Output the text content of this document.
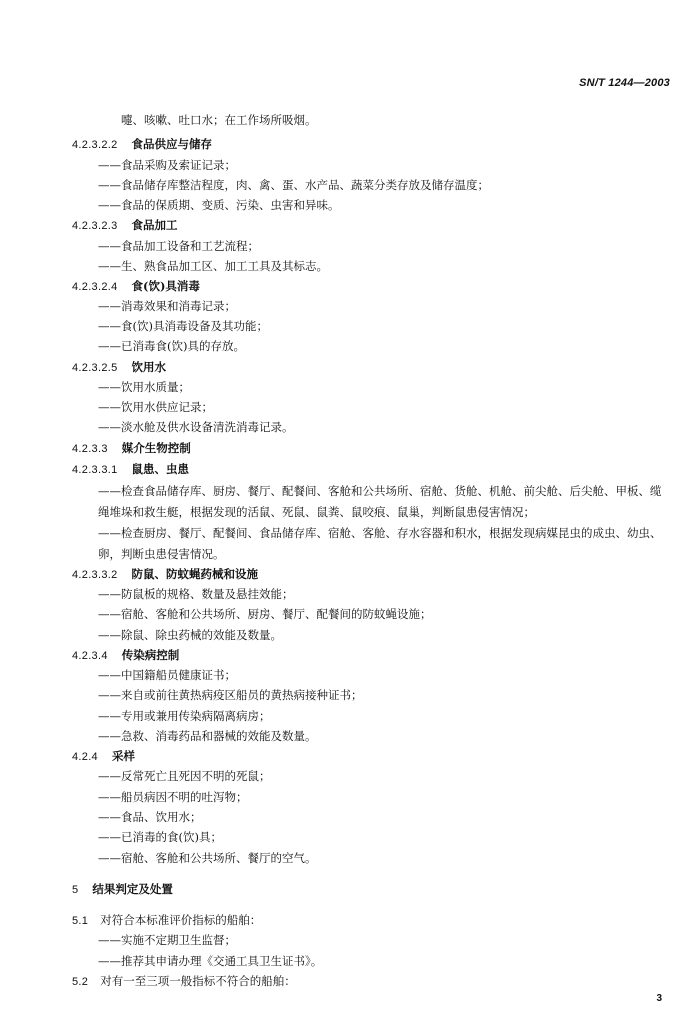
SN/T 1244—2003
嚏、咳嗽、吐口水；在工作场所吸烟。
4.2.3.2.2 食品供应与储存
——食品采购及索证记录；
——食品储存库整洁程度，肉、禽、蛋、水产品、蔬菜分类存放及储存温度；
——食品的保质期、变质、污染、虫害和异味。
4.2.3.2.3 食品加工
——食品加工设备和工艺流程；
——生、熟食品加工区、加工工具及其标志。
4.2.3.2.4 食(饮)具消毒
——消毒效果和消毒记录；
——食(饮)具消毒设备及其功能；
——已消毒食(饮)具的存放。
4.2.3.2.5 饮用水
——饮用水质量；
——饮用水供应记录；
——淡水舱及供水设备清洗消毒记录。
4.2.3.3 媒介生物控制
4.2.3.3.1 鼠患、虫患
——检查食品储存库、厨房、餐厅、配餐间、客舱和公共场所、宿舱、货舱、机舱、前尖舱、后尖舱、甲板、缆绳堆垛和救生艇，根据发现的活鼠、死鼠、鼠粪、鼠咬痕、鼠巢，判断鼠患侵害情况；
——检查厨房、餐厅、配餐间、食品储存库、宿舱、客舱、存水容器和积水，根据发现病媒昆虫的成虫、幼虫、卵，判断虫患侵害情况。
4.2.3.3.2 防鼠、防蚊蝇药械和设施
——防鼠板的规格、数量及悬挂效能；
——宿舱、客舱和公共场所、厨房、餐厅、配餐间的防蚊蝇设施；
——除鼠、除虫药械的效能及数量。
4.2.3.4 传染病控制
——中国籍船员健康证书；
——来自或前往黄热病疫区船员的黄热病接种证书；
——专用或兼用传染病隔离病房；
——急救、消毒药品和器械的效能及数量。
4.2.4 采样
——反常死亡且死因不明的死鼠；
——船员病因不明的吐泻物；
——食品、饮用水；
——已消毒的食(饮)具；
——宿舱、客舱和公共场所、餐厅的空气。
5 结果判定及处置
5.1 对符合本标准评价指标的船舶：
——实施不定期卫生监督；
——推荐其申请办理《交通工具卫生证书》。
5.2 对有一至三项一般指标不符合的船舶：
3
